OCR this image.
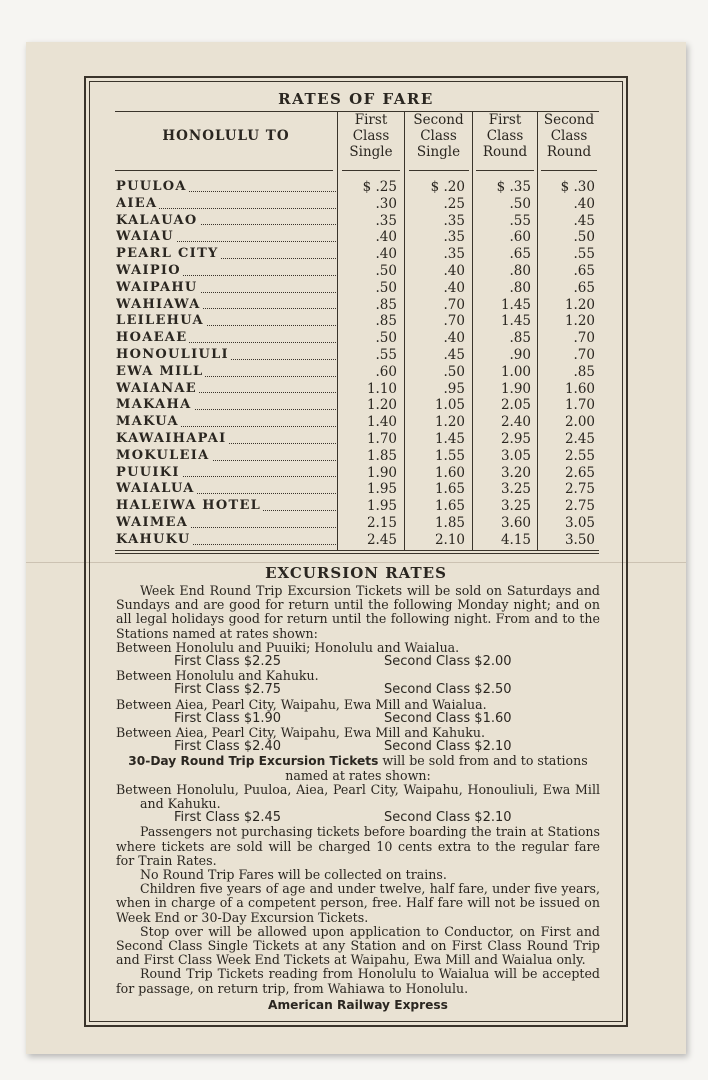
RATES OF FARE
HONOLULU TO
First
Class
Single
Second
Class
Single
First
Class
Round
Second
Class
Round
PUULOA	$ .25	$ .20	$ .35	$ .30
AIEA	.30	.25	.50	.40
KALAUAO	.35	.35	.55	.45
WAIAU	.40	.35	.60	.50
PEARL CITY	.40	.35	.65	.55
WAIPIO	.50	.40	.80	.65
WAIPAHU	.50	.40	.80	.65
WAHIAWA	.85	.70	1.45	1.20
LEILEHUA	.85	.70	1.45	1.20
HOAEAE	.50	.40	.85	.70
HONOULIULI	.55	.45	.90	.70
EWA MILL	.60	.50	1.00	.85
WAIANAE	1.10	.95	1.90	1.60
MAKAHA	1.20	1.05	2.05	1.70
MAKUA	1.40	1.20	2.40	2.00
KAWAIHAPAI	1.70	1.45	2.95	2.45
MOKULEIA	1.85	1.55	3.05	2.55
PUUIKI	1.90	1.60	3.20	2.65
WAIALUA	1.95	1.65	3.25	2.75
HALEIWA HOTEL	1.95	1.65	3.25	2.75
WAIMEA	2.15	1.85	3.60	3.05
KAHUKU	2.45	2.10	4.15	3.50
EXCURSION RATES

Week End Round Trip Excursion Tickets will be sold on Saturdays and Sundays and are good for return until the following Monday night; and on all legal holidays good for return until the following night. From and to the Stations named at rates shown:

Between Honolulu and Puuiki; Honolulu and Waialua.

First Class $2.25	Second Class $2.00

Between Honolulu and Kahuku.

First Class $2.75	Second Class $2.50

Between Aiea, Pearl City, Waipahu, Ewa Mill and Waialua.

First Class $1.90	Second Class $1.60

Between Aiea, Pearl City, Waipahu, Ewa Mill and Kahuku.

First Class $2.40	Second Class $2.10

30-Day Round Trip Excursion Tickets will be sold from and to stations named at rates shown:

Between Honolulu, Puuloa, Aiea, Pearl City, Waipahu, Honouliuli, Ewa Mill and Kahuku.

First Class $2.45	Second Class $2.10

Passengers not purchasing tickets before boarding the train at Stations where tickets are sold will be charged 10 cents extra to the regular fare for Train Rates.

No Round Trip Fares will be collected on trains.

Children five years of age and under twelve, half fare, under five years, when in charge of a competent person, free. Half fare will not be issued on Week End or 30-Day Excursion Tickets.

Stop over will be allowed upon application to Conductor, on First and Second Class Single Tickets at any Station and on First Class Round Trip and First Class Week End Tickets at Waipahu, Ewa Mill and Waialua only.

Round Trip Tickets reading from Honolulu to Waialua will be accepted for passage, on return trip, from Wahiawa to Honolulu.

American Railway Express
